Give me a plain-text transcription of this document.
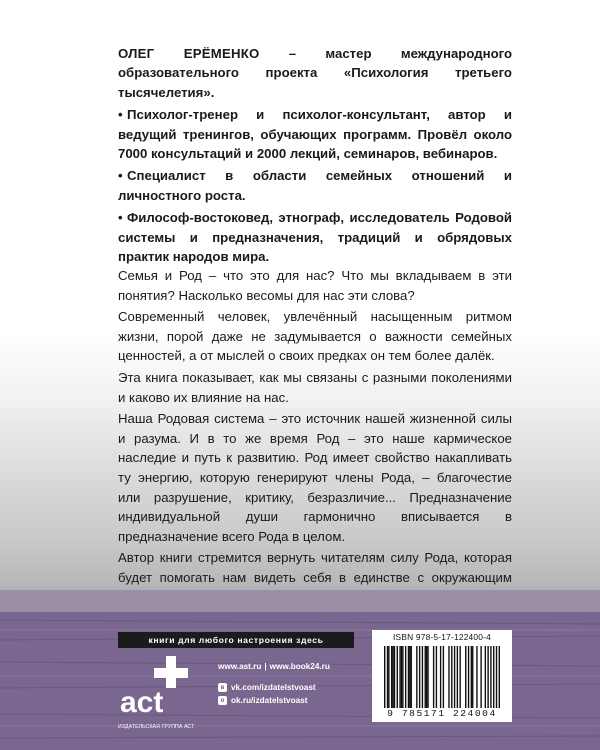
ОЛЕГ ЕРЁМЕНКО – мастер международного образовательного проекта «Психология третьего тысячелетия».

• Психолог-тренер и психолог-консультант, автор и ведущий тренингов, обучающих программ. Провёл около 7000 консультаций и 2000 лекций, семинаров, вебинаров.

• Специалист в области семейных отношений и личностного роста.

• Философ-востоковед, этнограф, исследователь Родовой системы и предназначения, традиций и обрядовых практик народов мира.

Семья и Род – что это для нас? Что мы вкладываем в эти понятия? Насколько весомы для нас эти слова?

Современный человек, увлечённый насыщенным ритмом жизни, порой даже не задумывается о важности семейных ценностей, а от мыслей о своих предках он тем более далёк.

Эта книга показывает, как мы связаны с разными поколениями и каково их влияние на нас.

Наша Родовая система – это источник нашей жизненной силы и разума. И в то же время Род – это наше кармическое наследие и путь к развитию. Род имеет свойство накапливать ту энергию, которую генерируют члены Рода, – благочестие или разрушение, критику, безразличие... Предназначение индивидуальной души гармонично вписывается в предназначение всего Рода в целом.

Автор книги стремится вернуть читателям силу Рода, которая будет помогать нам видеть себя в единстве с окружающим

книги для любого настроения здесь
act
ИЗДАТЕЛЬСКАЯ ГРУППА АСТ
www.ast.ru | www.book24.ru
в vk.com/izdatelstvoast
о ok.ru/izdatelstvoast
ISBN 978-5-17-122400-4
9 785171 224004
